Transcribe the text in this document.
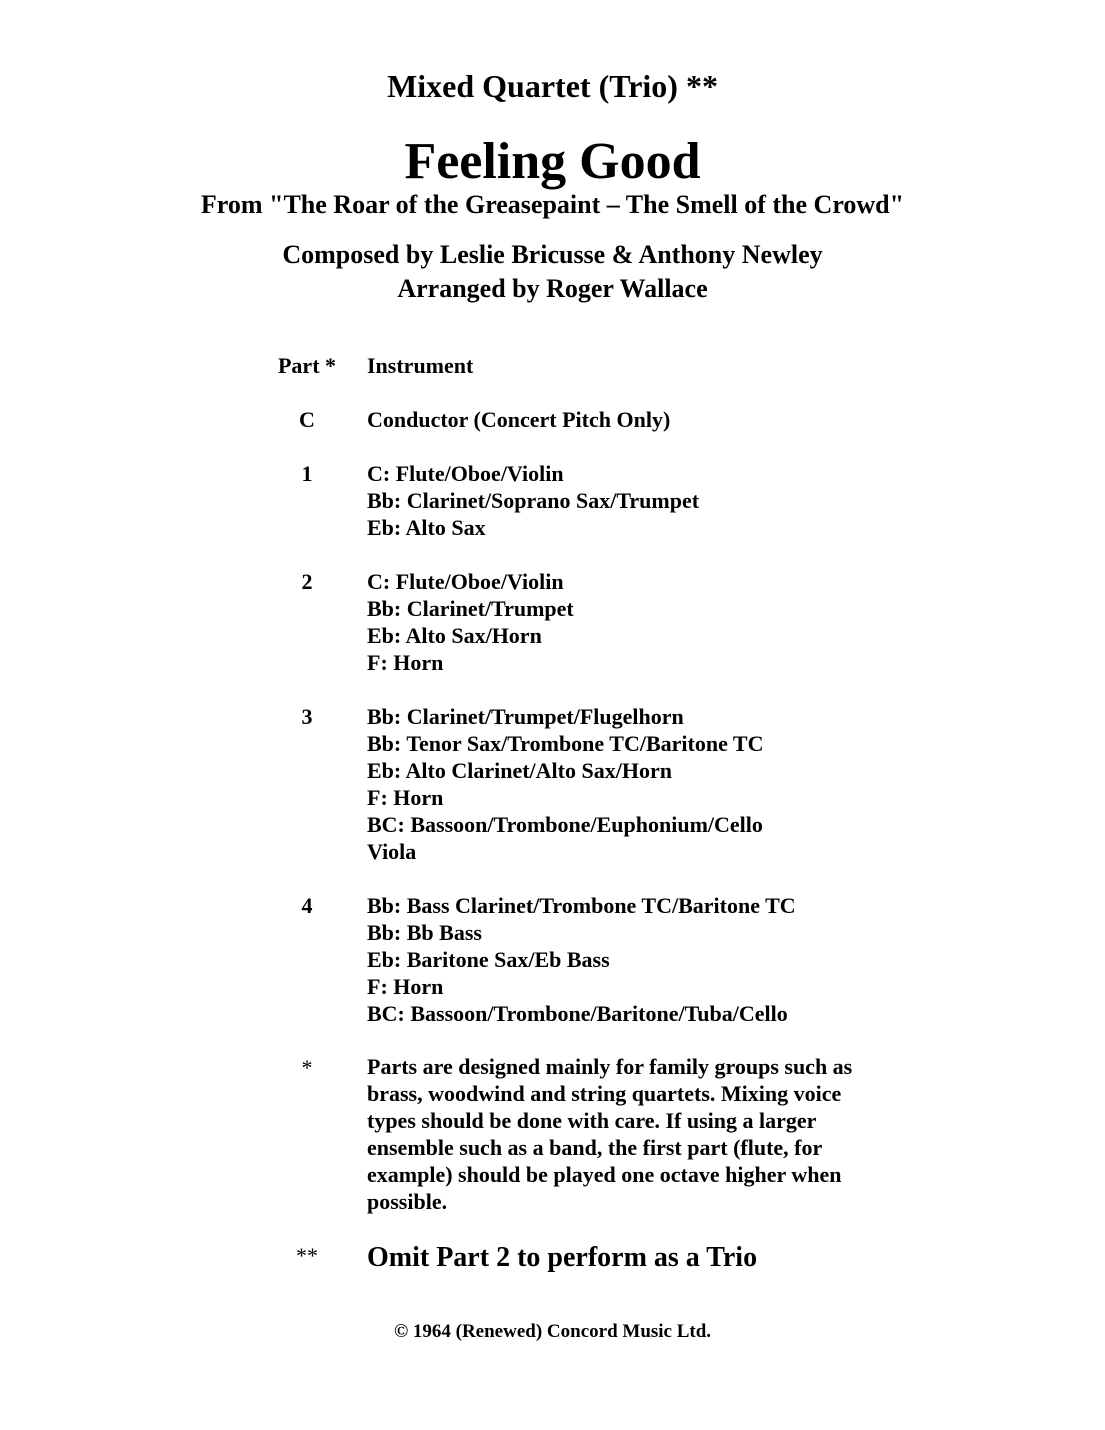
Mixed Quartet (Trio) **
Feeling Good
From "The Roar of the Greasepaint – The Smell of the Crowd"
Composed by Leslie Bricusse & Anthony Newley
Arranged by Roger Wallace
Part *	Instrument
C	Conductor (Concert Pitch Only)
1	C: Flute/Oboe/Violin
Bb: Clarinet/Soprano Sax/Trumpet
Eb: Alto Sax
2	C: Flute/Oboe/Violin
Bb: Clarinet/Trumpet
Eb: Alto Sax/Horn
F: Horn
3	Bb: Clarinet/Trumpet/Flugelhorn
Bb: Tenor Sax/Trombone TC/Baritone TC
Eb: Alto Clarinet/Alto Sax/Horn
F: Horn
BC: Bassoon/Trombone/Euphonium/Cello
Viola
4	Bb: Bass Clarinet/Trombone TC/Baritone TC
Bb: Bb Bass
Eb: Baritone Sax/Eb Bass
F: Horn
BC: Bassoon/Trombone/Baritone/Tuba/Cello
*	Parts are designed mainly for family groups such as
brass, woodwind and string quartets. Mixing voice
types should be done with care. If using a larger
ensemble such as a band, the first part (flute, for
example) should be played one octave higher when
possible.
**	Omit Part 2 to perform as a Trio
© 1964 (Renewed) Concord Music Ltd.
